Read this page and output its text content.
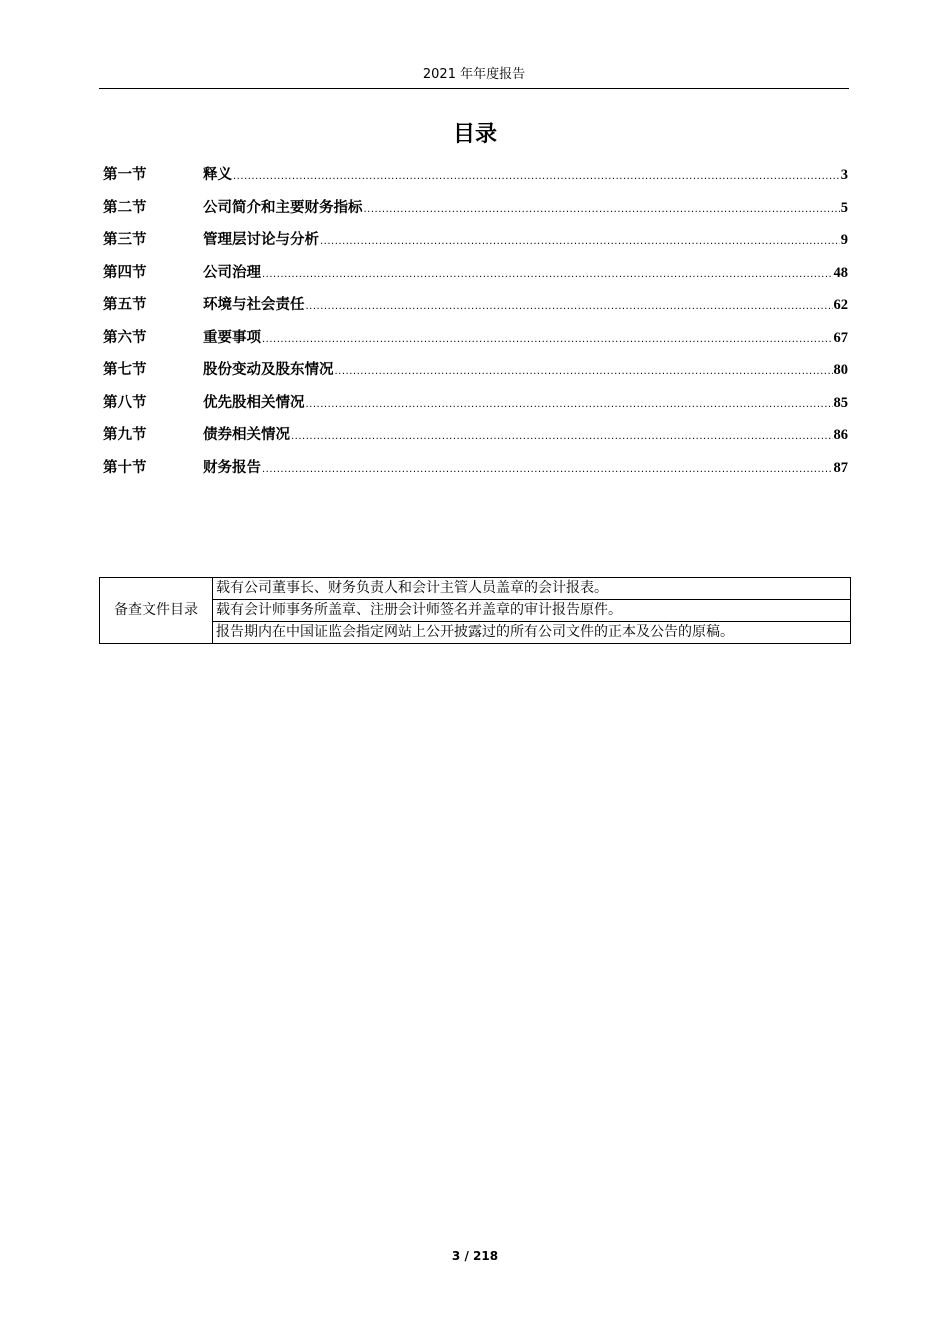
2021 年年度报告
目录
第一节	释义 .....	3
第二节	公司简介和主要财务指标 .....	5
第三节	管理层讨论与分析 .....	9
第四节	公司治理 .....	48
第五节	环境与社会责任 .....	62
第六节	重要事项 .....	67
第七节	股份变动及股东情况 .....	80
第八节	优先股相关情况 .....	85
第九节	债券相关情况 .....	86
第十节	财务报告 .....	87
备查文件目录	载有公司董事长、财务负责人和会计主管人员盖章的会计报表。
载有会计师事务所盖章、注册会计师签名并盖章的审计报告原件。
报告期内在中国证监会指定网站上公开披露过的所有公司文件的正本及公告的原稿。
3 / 218
